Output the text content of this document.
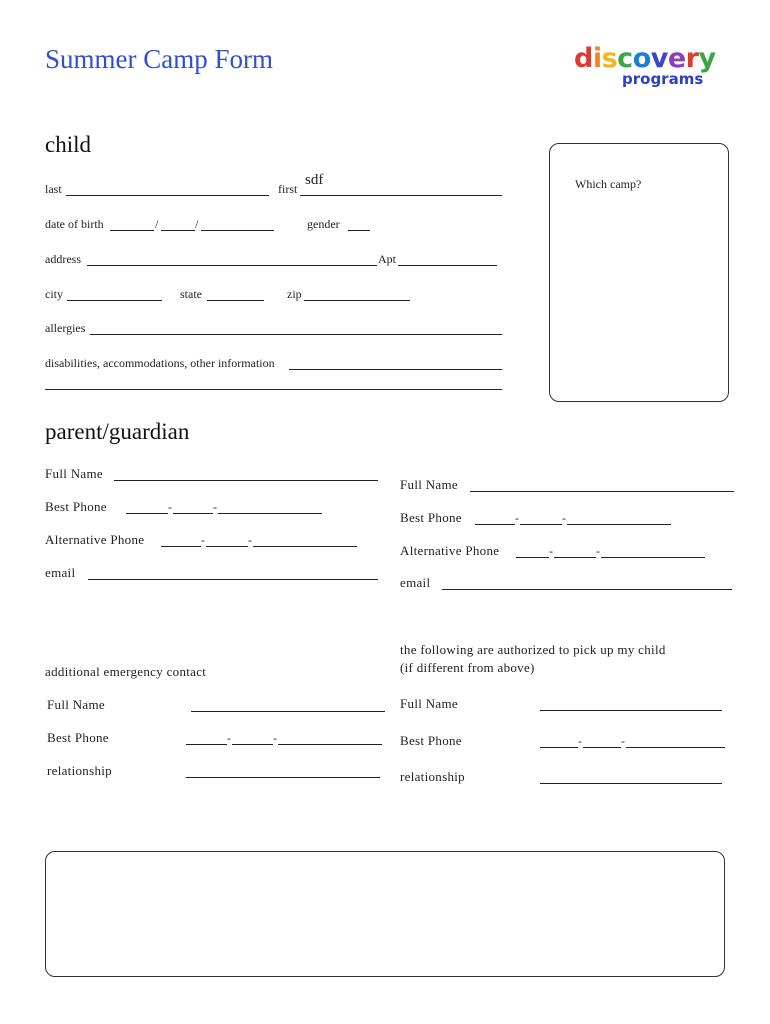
Summer Camp Form	discovery
programs
child
last	first
sdf
date of birth	/	/	gender
address	Apt
city	state	zip
allergies
disabilities, accommodations, other information
Which camp?
parent/guardian
Full Name
Best Phone	-	-
Alternative Phone	-	-
email
Full Name
Best Phone	-	-
Alternative Phone	-	-
email
additional emergency contact
Full Name
Best Phone	-	-
relationship
the following are authorized to pick up my child
(if different from above)
Full Name
Best Phone	-	-
relationship
